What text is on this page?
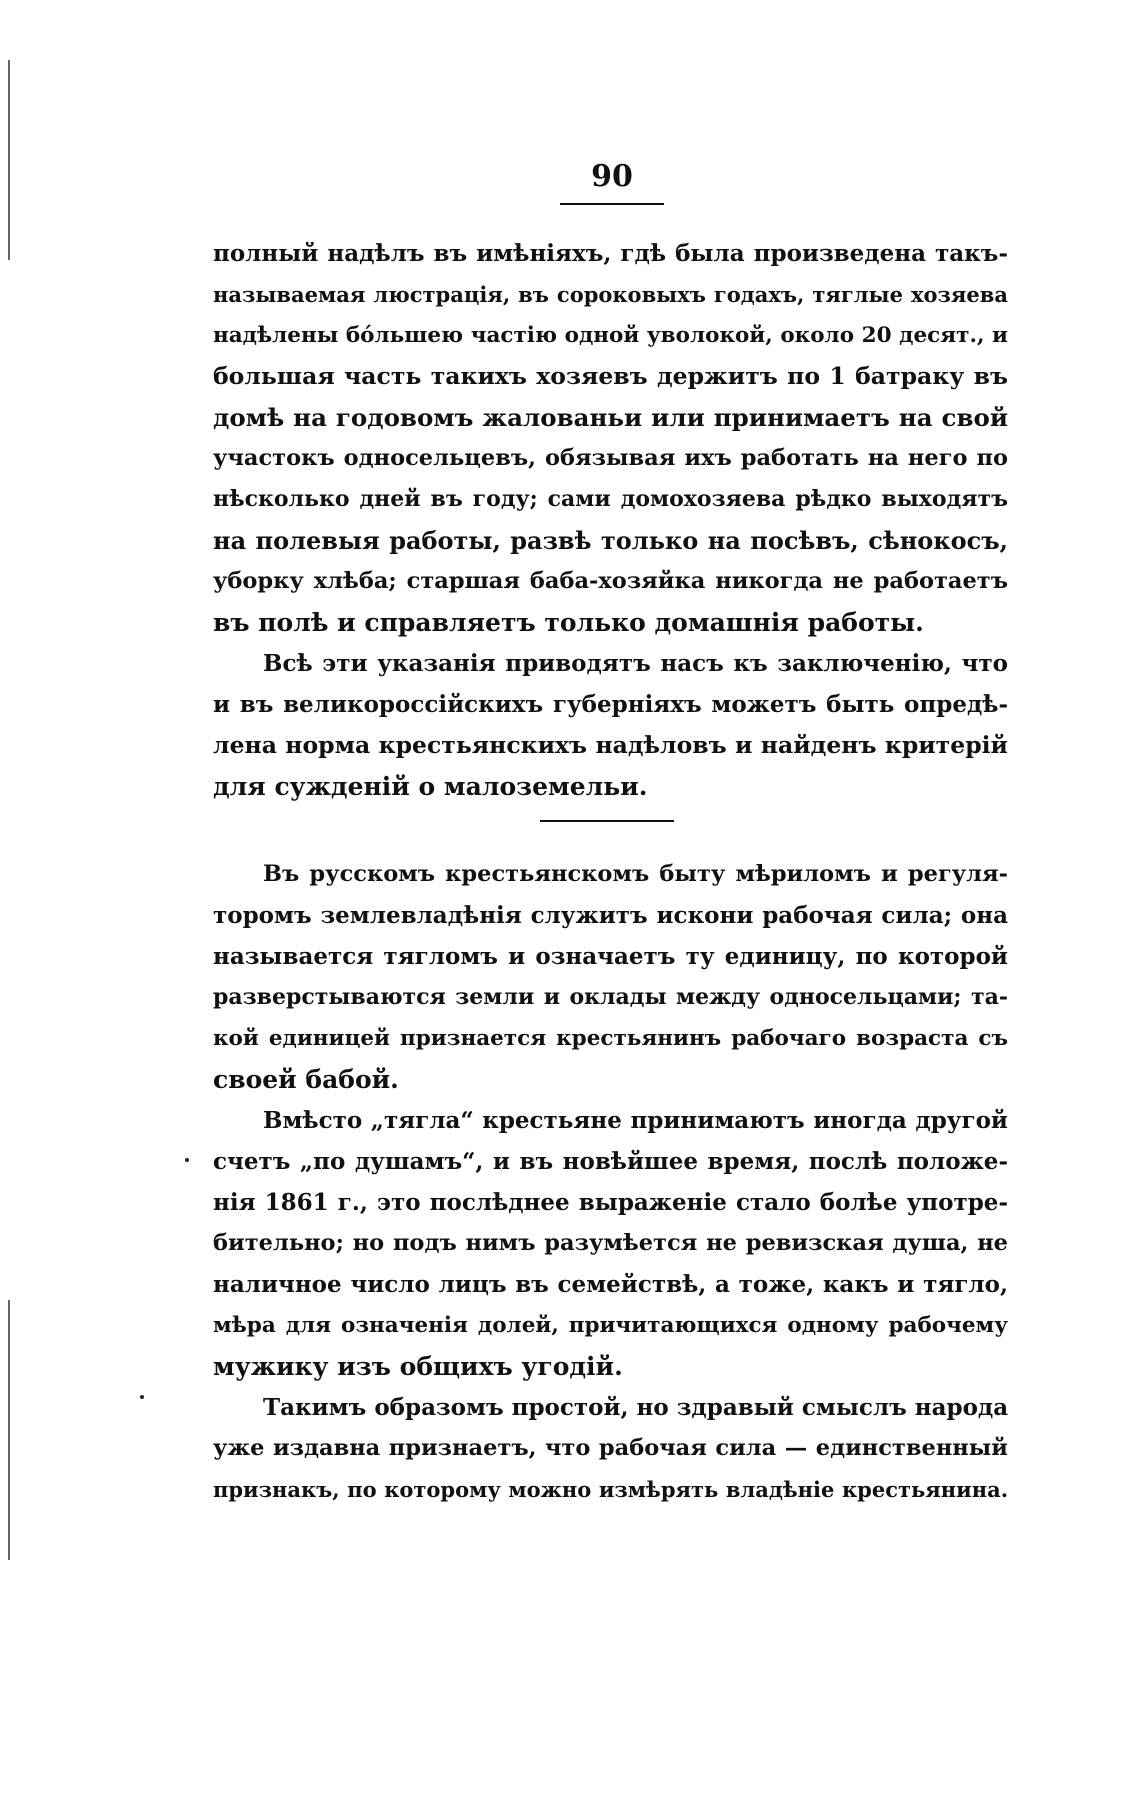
90
полный надѣлъ въ имѣніяхъ, гдѣ была произведена такъ-
называемая люстрація, въ сороковыхъ годахъ, тяглые хозяева
надѣлены бóльшею частію одной уволокой, около 20 десят., и
большая часть такихъ хозяевъ держитъ по 1 батраку въ
домѣ на годовомъ жалованьи или принимаетъ на свой
участокъ односельцевъ, обязывая ихъ работать на него по
нѣсколько дней въ году; сами домохозяева рѣдко выходятъ
на полевыя работы, развѣ только на посѣвъ, сѣнокосъ,
уборку хлѣба; старшая баба-хозяйка никогда не работаетъ
въ полѣ и справляетъ только домашнія работы.
Всѣ эти указанія приводятъ насъ къ заключенію, что
и въ великороссійскихъ губерніяхъ можетъ быть опредѣ-
лена норма крестьянскихъ надѣловъ и найденъ критерій
для сужденій о малоземельи.
Въ русскомъ крестьянскомъ быту мѣриломъ и регуля-
торомъ землевладѣнія служитъ искони рабочая сила; она
называется тягломъ и означаетъ ту единицу, по которой
разверстываются земли и оклады между односельцами; та-
кой единицей признается крестьянинъ рабочаго возраста съ
своей бабой.
Вмѣсто „тягла“ крестьяне принимаютъ иногда другой
счетъ „по душамъ“, и въ новѣйшее время, послѣ положе-
нія 1861 г., это послѣднее выраженіе стало болѣе употре-
бительно; но подъ нимъ разумѣется не ревизская душа, не
наличное число лицъ въ семействѣ, а тоже, какъ и тягло,
мѣра для означенія долей, причитающихся одному рабочему
мужику изъ общихъ угодій.
Такимъ образомъ простой, но здравый смыслъ народа
уже издавна признаетъ, что рабочая сила — единственный
признакъ, по которому можно измѣрять владѣніе крестьянина.
